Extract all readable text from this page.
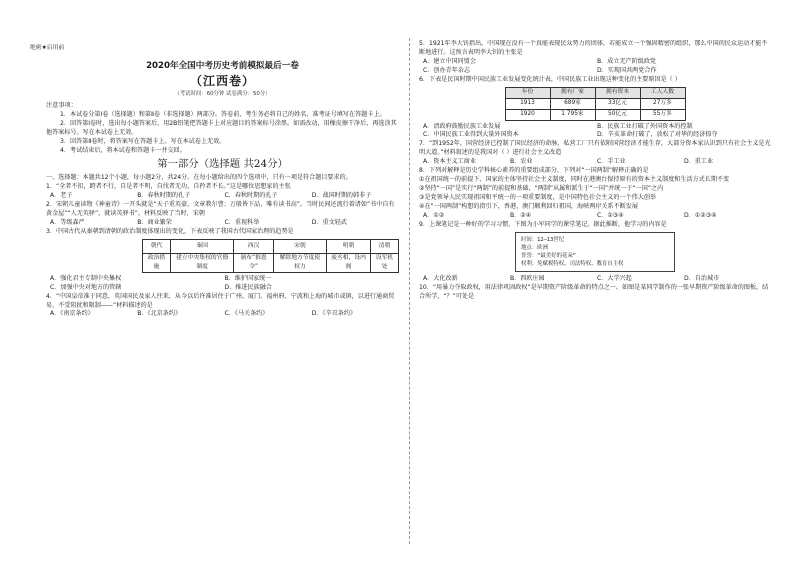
绝密★启用前
2020年全国中考历史考前模拟最后一卷
（江西卷）
（考试时间：60分钟 试卷满分：50分）
注意事项：
1．本试卷分第Ⅰ卷（选择题）和第Ⅱ卷（非选择题）两部分。答卷前，考生务必将自己的姓名、准考证号填写在答题卡上。
2．回答第Ⅰ卷时，选出每小题答案后，用2B铅笔把答题卡上对应题目的答案标号涂黑。如需改动，用橡皮擦干净后，再选涂其他答案标号。写在本试卷上无效。
3．回答第Ⅱ卷时，将答案写在答题卡上。写在本试卷上无效。
4．考试结束后，将本试卷和答题卡一并交回。
第一部分（选择题 共24分）
一、选择题：本题共12个小题，每小题2分，共24分。在每小题给出的四个选项中，只有一项是符合题目要求的。
1．“全者不扣，跨者不行，自是者不明，自伐者无功，自矜者不长。”这是哪位思想家的主张
A．老子	B．春秋时期的孔子	C．春秋时期的孔子	D．战国时期的韩非子
2．宋朝儿童读物《神童诗》一开头就是“天子重英豪，文章教尔曹；万般皆下品，唯有读书高”。当时民间还流行着诸如“书中自有黄金屋”“人无英驿”，就读英驿书”。材料反映了当时，宋朝
A．等级森严	B．商业繁荣	C．重视科举	D．重文轻武
3．中国古代从秦朝到清朝的政治制度体现出的变化，下表反映了我国古代国家治理的趋势是
朝代	秦国	西汉	宋朝	明朝	清朝
政治措施	建立中央集权的官僚制度	颁布“推恩令”	解除地方节度使权力	废丞相，设内阁	设军机处
A．强化君主专制中央集权	B．维护国家统一
C．加强中央对地方的管辖	D．推进民族融合
4．“中国皇帝准于同意，英国国民及家人往来，从今以后许准居住于广州、厦门、福州府、宁波和上海的城市或镇，以进行通商贸易，不受阻扰和限制——”材料描述的是
A．《南京条约》	B．《北京条约》	C．《马关条约》	D．《辛丑条约》
5．1921年李大钊指出，中国现在没有一个真能表现民众势力的团体，若能成立一个强固精密的组织，那么中国的民众运动才能不断地进行。这预言表明李大钊的主张是
A．建立中国同盟会	B．成立无产阶级政党
C．创办青年杂志	D．实现国共两党合作
6．下表是民国时期中国民族工业发展变化统计表，中国民族工业出现这种变化的主要原因是（ ）
年份	拥有厂家	拥有资本	工人人数
1913	689家	33亿元	27万多
1920	1 795家	50亿元	55万多
A．清政府鼓励民族工业发展	B．民族工业打破了外国资本的控制
C．中国民族工业得到大量外国资本	D．辛亥革命打破了，放松了对华的经济掠夺
7．“到1952年，国营经济已控制了国民经济的命脉，私营工厂只有依附国营经济才能生存，大部分资本家认识到只有社会主义是光明大道。”材料叙述的是我国对（ ）进行社会主义改造
A．资本主义工商业	B．农业	C．手工业	D．重工业
8．下列对解释是历史学科核心素养的重要组成部分，下列对“一国两制”解释正确的是
①在祖国统一的前提下，国家的主体坚持社会主义制度，同时在港澳台保持原有的资本主义制度和生活方式长期不变
②坚持“一国”是实行“两制”的前提和基础，“两制”从属和派生于“一国”并统一于“一国”之内
③是党领导人民实现祖国和平统一的一项重要制度，是中国特色社会主义的一个伟大创举
④在“一国两制”构想的指引下，香港、澳门顺利回归祖国，海峡两岸关系不断发展
A．①②	B．②④	C．①③④	D．①②③④
9．上课笔记是一种好的学习习惯，下图为小军同学的课堂笔记。据此推断，他学习的内容是
时间：12—13世纪
地点：欧洲
誉誉：“最美好的花朵”
权利：免赋税特权、司法特权、教育自主权
A．大化改新	B．西欧庄园	C．大学兴起	D．自治城市
10．“用暴力夺取政权，用法律巩固政权”是早期资产阶级革命的特点之一。如图是某同学制作的一张早期资产阶级革命的图板，结合所学，“？”可处是
